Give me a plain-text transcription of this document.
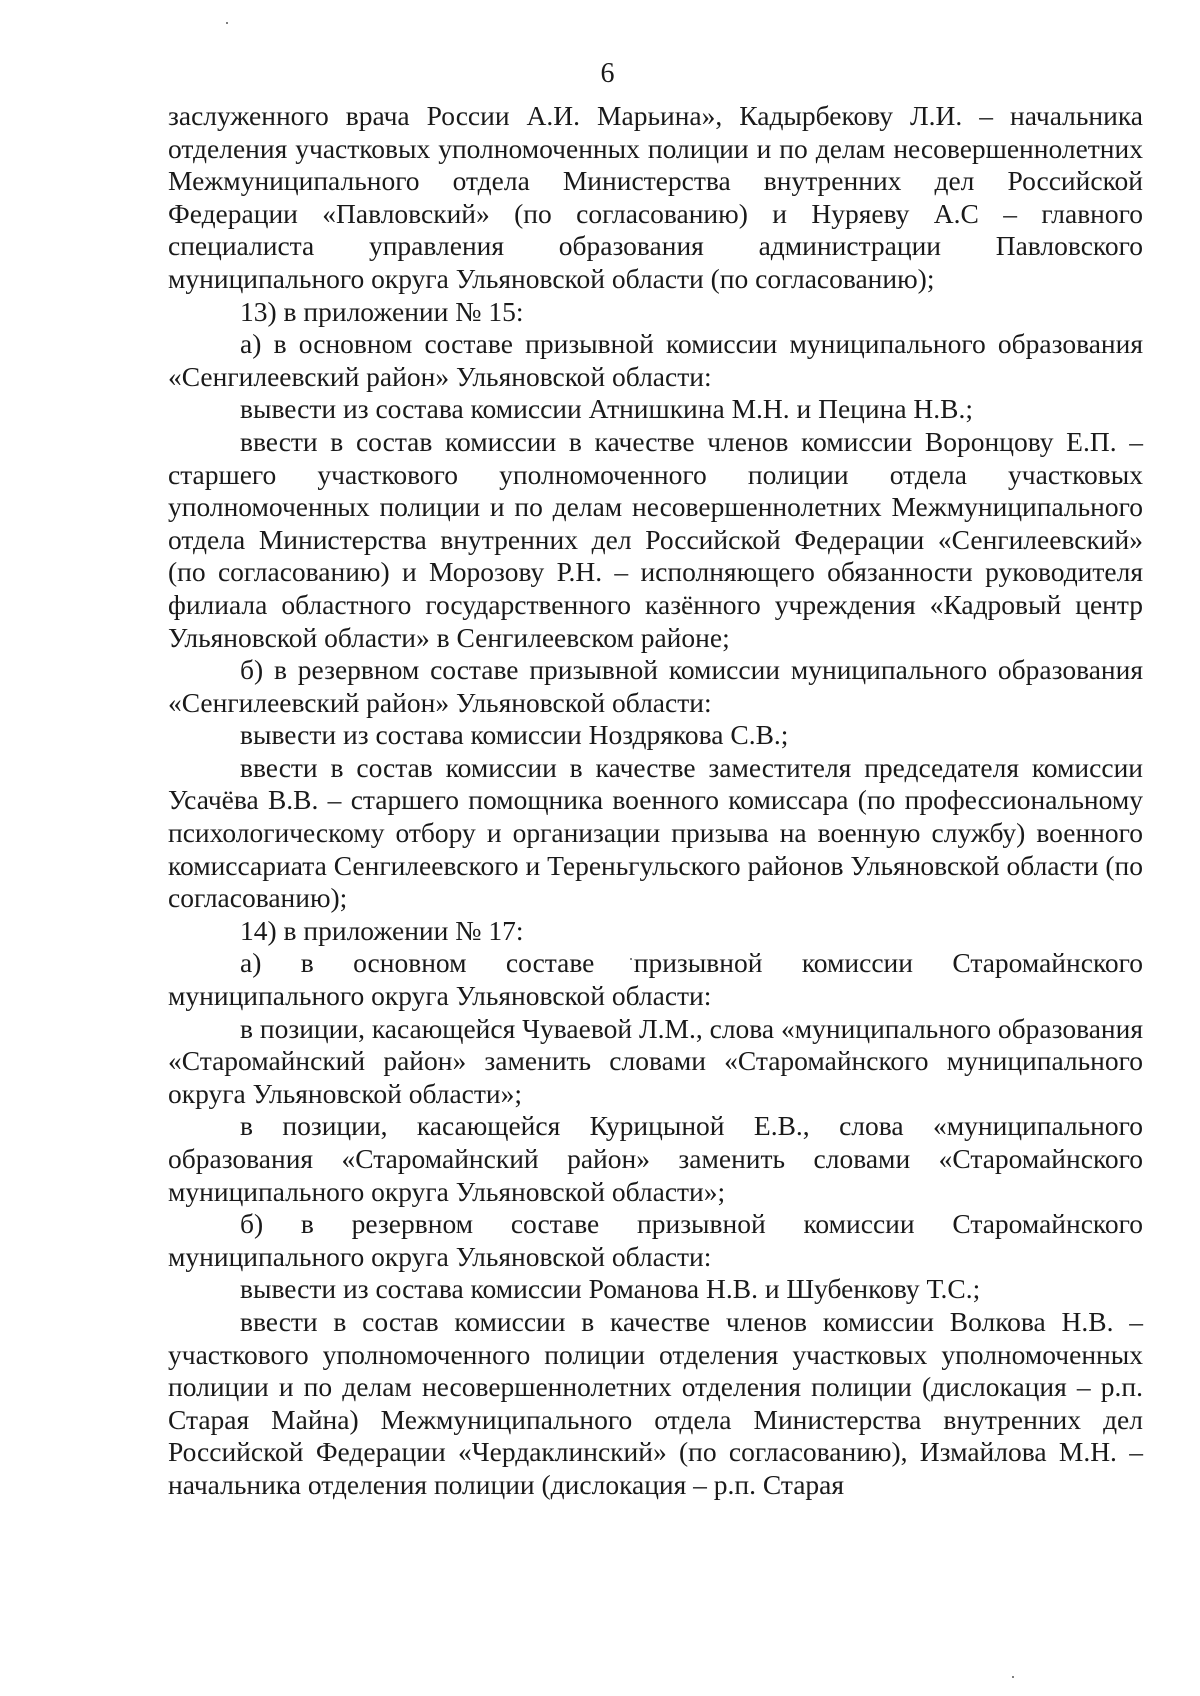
6

заслуженного врача России А.И. Марьина», Кадырбекову Л.И. – начальника отделения участковых уполномоченных полиции и по делам несовершеннолетних Межмуниципального отдела Министерства внутренних дел Российской Федерации «Павловский» (по согласованию) и Нуряеву А.С – главного специалиста управления образования администрации Павловского муниципального округа Ульяновской области (по согласованию);

13) в приложении № 15:

а) в основном составе призывной комиссии муниципального образования «Сенгилеевский район» Ульяновской области:

вывести из состава комиссии Атнишкина М.Н. и Пецина Н.В.;

ввести в состав комиссии в качестве членов комиссии Воронцову Е.П. – старшего участкового уполномоченного полиции отдела участковых уполномоченных полиции и по делам несовершеннолетних Межмуниципального отдела Министерства внутренних дел Российской Федерации «Сенгилеевский» (по согласованию) и Морозову Р.Н. – исполняющего обязанности руководителя филиала областного государственного казённого учреждения «Кадровый центр Ульяновской области» в Сенгилеевском районе;

б) в резервном составе призывной комиссии муниципального образования «Сенгилеевский район» Ульяновской области:

вывести из состава комиссии Ноздрякова С.В.;

ввести в состав комиссии в качестве заместителя председателя комиссии Усачёва В.В. – старшего помощника военного комиссара (по профессиональному психологическому отбору и организации призыва на военную службу) военного комиссариата Сенгилеевского и Тереньгульского районов Ульяновской области (по согласованию);

14) в приложении № 17:

а) в основном составе призывной комиссии Старомайнского муниципального округа Ульяновской области:

в позиции, касающейся Чуваевой Л.М., слова «муниципального образования «Старомайнский район» заменить словами «Старомайнского муниципального округа Ульяновской области»;

в позиции, касающейся Курицыной Е.В., слова «муниципального образования «Старомайнский район» заменить словами «Старомайнского муниципального округа Ульяновской области»;

б) в резервном составе призывной комиссии Старомайнского муниципального округа Ульяновской области:

вывести из состава комиссии Романова Н.В. и Шубенкову Т.С.;

ввести в состав комиссии в качестве членов комиссии Волкова Н.В. – участкового уполномоченного полиции отделения участковых уполномоченных полиции и по делам несовершеннолетних отделения полиции (дислокация – р.п. Старая Майна) Межмуниципального отдела Министерства внутренних дел Российской Федерации «Чердаклинский» (по согласованию), Измайлова М.Н. – начальника отделения полиции (дислокация – р.п. Старая
